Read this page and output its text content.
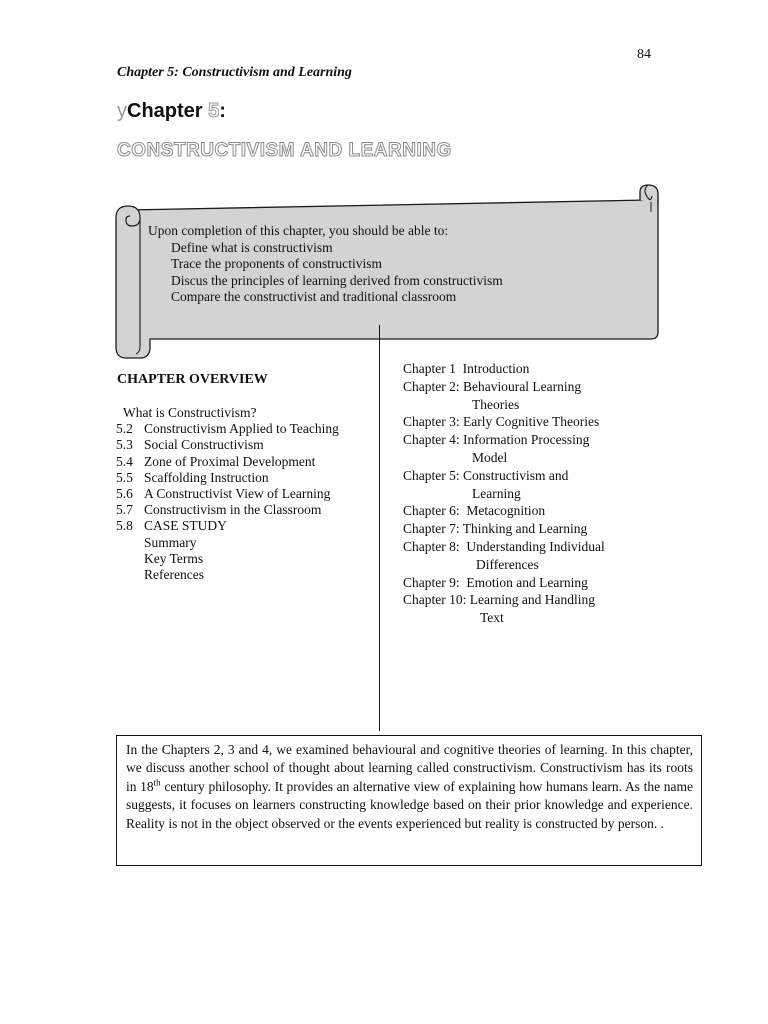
84
Chapter 5: Constructivism and Learning
yChapter 5:
CONSTRUCTIVISM AND LEARNING
Upon completion of this chapter, you should be able to:
Define what is constructivism
Trace the proponents of constructivism
Discus the principles of learning derived from constructivism
Compare the constructivist and traditional classroom
CHAPTER OVERVIEW
What is Constructivism?
5.2 Constructivism Applied to Teaching
5.3 Social Constructivism
5.4 Zone of Proximal Development
5.5 Scaffolding Instruction
5.6 A Constructivist View of Learning
5.7 Constructivism in the Classroom
5.8 CASE STUDY
Summary
Key Terms
References
Chapter 1 Introduction
Chapter 2: Behavioural Learning
Theories
Chapter 3: Early Cognitive Theories
Chapter 4: Information Processing
Model
Chapter 5: Constructivism and
Learning
Chapter 6: Metacognition
Chapter 7: Thinking and Learning
Chapter 8: Understanding Individual
Differences
Chapter 9: Emotion and Learning
Chapter 10: Learning and Handling
Text
In the Chapters 2, 3 and 4, we examined behavioural and cognitive theories of learning. In this chapter, we discuss another school of thought about learning called constructivism. Constructivism has its roots in 18th century philosophy. It provides an alternative view of explaining how humans learn. As the name suggests, it focuses on learners constructing knowledge based on their prior knowledge and experience. Reality is not in the object observed or the events experienced but reality is constructed by person. .
